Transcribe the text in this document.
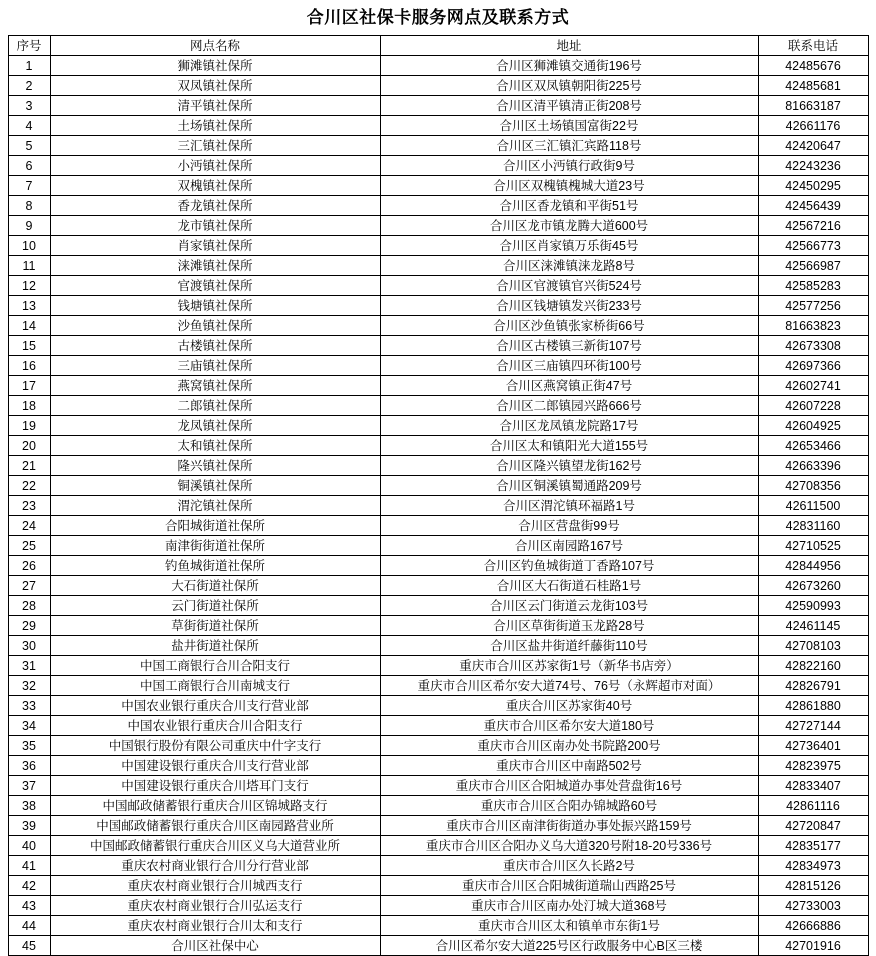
合川区社保卡服务网点及联系方式
序号	网点名称	地址	联系电话
1	狮滩镇社保所	合川区狮滩镇交通街196号	42485676
2	双凤镇社保所	合川区双凤镇朝阳街225号	42485681
3	清平镇社保所	合川区清平镇清正街208号	81663187
4	土场镇社保所	合川区土场镇国富街22号	42661176
5	三汇镇社保所	合川区三汇镇汇宾路118号	42420647
6	小沔镇社保所	合川区小沔镇行政街9号	42243236
7	双槐镇社保所	合川区双槐镇槐城大道23号	42450295
8	香龙镇社保所	合川区香龙镇和平街51号	42456439
9	龙市镇社保所	合川区龙市镇龙腾大道600号	42567216
10	肖家镇社保所	合川区肖家镇万乐街45号	42566773
11	涞滩镇社保所	合川区涞滩镇涞龙路8号	42566987
12	官渡镇社保所	合川区官渡镇官兴街524号	42585283
13	钱塘镇社保所	合川区钱塘镇发兴街233号	42577256
14	沙鱼镇社保所	合川区沙鱼镇张家桥街66号	81663823
15	古楼镇社保所	合川区古楼镇三新街107号	42673308
16	三庙镇社保所	合川区三庙镇四环街100号	42697366
17	燕窝镇社保所	合川区燕窝镇正街47号	42602741
18	二郎镇社保所	合川区二郎镇园兴路666号	42607228
19	龙凤镇社保所	合川区龙凤镇龙院路17号	42604925
20	太和镇社保所	合川区太和镇阳光大道155号	42653466
21	隆兴镇社保所	合川区隆兴镇望龙街162号	42663396
22	铜溪镇社保所	合川区铜溪镇蜀通路209号	42708356
23	渭沱镇社保所	合川区渭沱镇环福路1号	42611500
24	合阳城街道社保所	合川区营盘街99号	42831160
25	南津街街道社保所	合川区南园路167号	42710525
26	钓鱼城街道社保所	合川区钓鱼城街道丁香路107号	42844956
27	大石街道社保所	合川区大石街道石桂路1号	42673260
28	云门街道社保所	合川区云门街道云龙街103号	42590993
29	草街街道社保所	合川区草街街道玉龙路28号	42461145
30	盐井街道社保所	合川区盐井街道纤藤街110号	42708103
31	中国工商银行合川合阳支行	重庆市合川区苏家街1号（新华书店旁）	42822160
32	中国工商银行合川南城支行	重庆市合川区希尔安大道74号、76号（永辉超市对面）	42826791
33	中国农业银行重庆合川支行营业部	重庆合川区苏家街40号	42861880
34	中国农业银行重庆合川合阳支行	重庆市合川区希尔安大道180号	42727144
35	中国银行股份有限公司重庆中什字支行	重庆市合川区南办处书院路200号	42736401
36	中国建设银行重庆合川支行营业部	重庆市合川区中南路502号	42823975
37	中国建设银行重庆合川塔耳门支行	重庆市合川区合阳城道办事处营盘街16号	42833407
38	中国邮政储蓄银行重庆合川区锦城路支行	重庆市合川区合阳办锦城路60号	42861116
39	中国邮政储蓄银行重庆合川区南园路营业所	重庆市合川区南津街街道办事处振兴路159号	42720847
40	中国邮政储蓄银行重庆合川区义乌大道营业所	重庆市合川区合阳办义乌大道320号附18-20号336号	42835177
41	重庆农村商业银行合川分行营业部	重庆市合川区久长路2号	42834973
42	重庆农村商业银行合川城西支行	重庆市合川区合阳城街道瑞山西路25号	42815126
43	重庆农村商业银行合川弘运支行	重庆市合川区南办处汀城大道368号	42733003
44	重庆农村商业银行合川太和支行	重庆市合川区太和镇单市东街1号	42666886
45	合川区社保中心	合川区希尔安大道225号区行政服务中心B区三楼	42701916
